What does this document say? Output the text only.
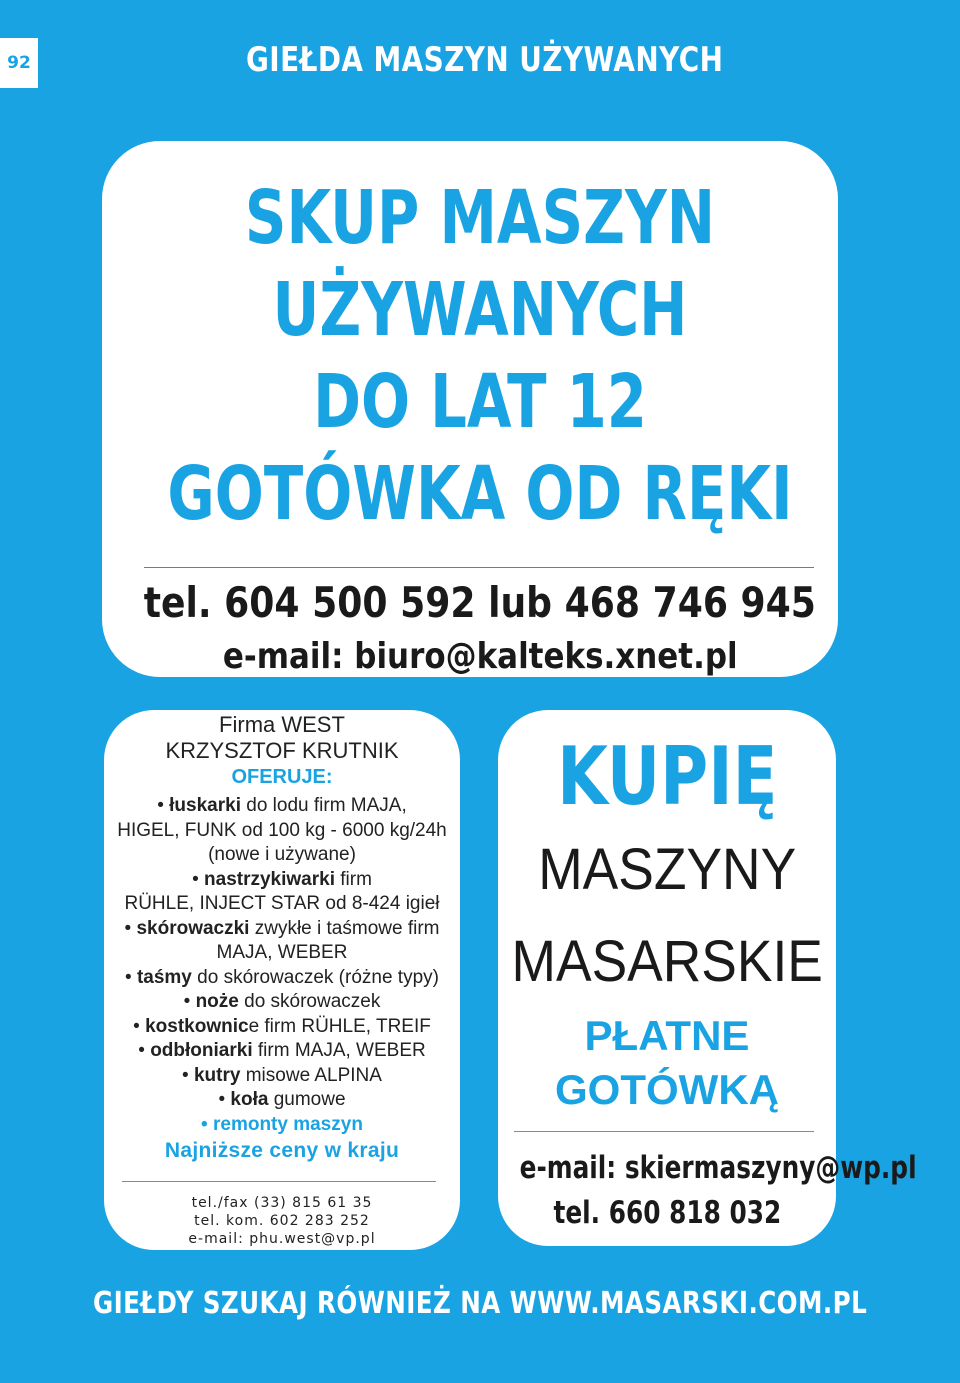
92	GIEŁDA MASZYN UŻYWANYCH
SKUP MASZYN
UŻYWANYCH
DO LAT 12
GOTÓWKA OD RĘKI
tel. 604 500 592 lub 468 746 945
e-mail: biuro@kalteks.xnet.pl
Firma WEST
KRZYSZTOF KRUTNIK
OFERUJE:
• łuskarki do lodu firm MAJA,
HIGEL, FUNK od 100 kg - 6000 kg/24h
(nowe i używane)
• nastrzykiwarki firm
RÜHLE, INJECT STAR od 8-424 igieł
• skórowaczki zwykłe i taśmowe firm
MAJA, WEBER
• taśmy do skórowaczek (różne typy)
• noże do skórowaczek
• kostkownice firm RÜHLE, TREIF
• odbłoniarki firm MAJA, WEBER
• kutry misowe ALPINA
• koła gumowe
• remonty maszyn
Najniższe ceny w kraju
tel./fax (33) 815 61 35
tel. kom. 602 283 252
e-mail: phu.west@vp.pl
KUPIĘ
MASZYNY
MASARSKIE
PŁATNE
GOTÓWKĄ
e-mail: skiermaszyny@wp.pl
tel. 660 818 032
GIEŁDY SZUKAJ RÓWNIEŻ NA WWW.MASARSKI.COM.PL
